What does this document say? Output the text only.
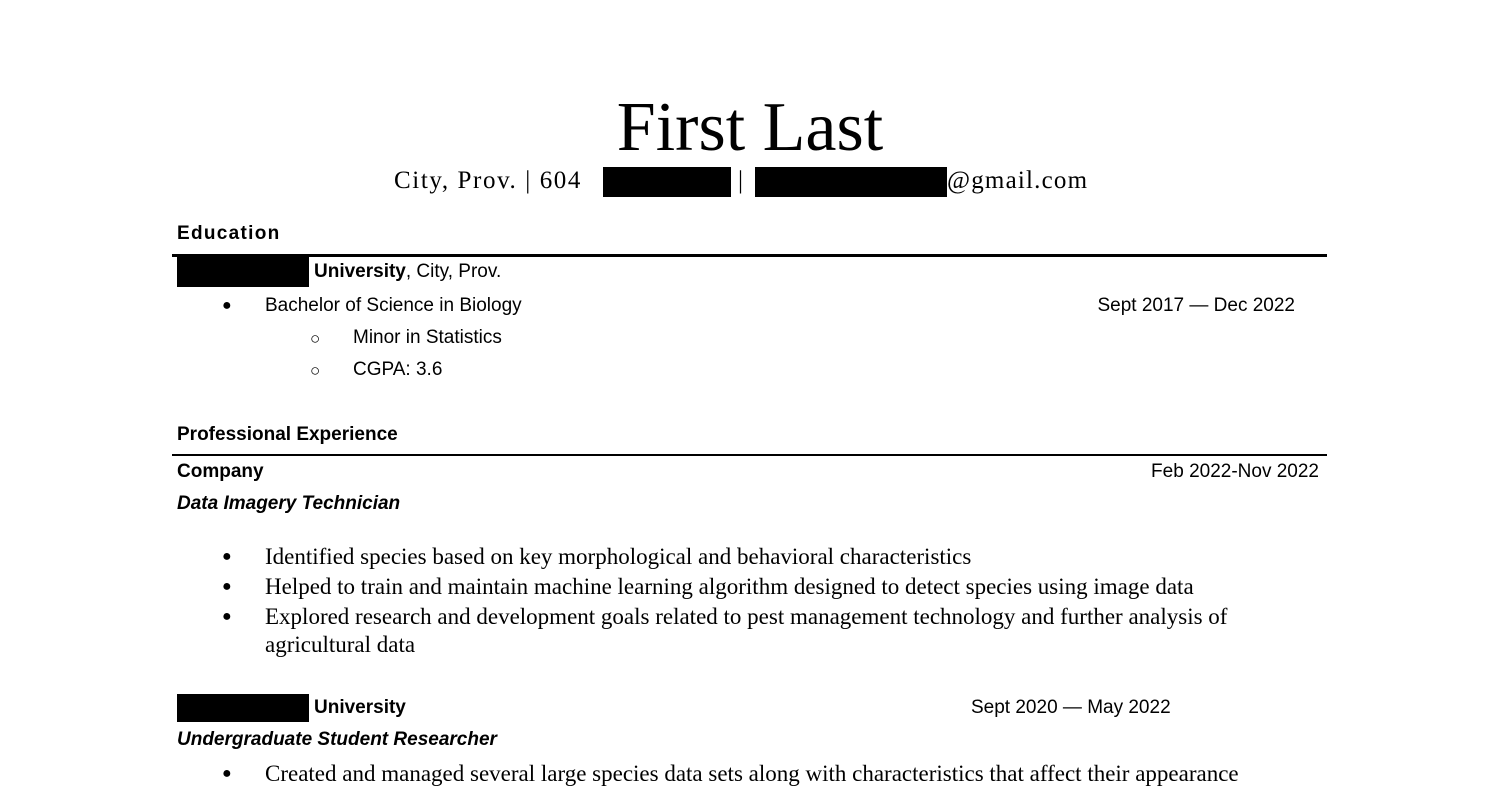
First Last
City, Prov. | 604	|	@gmail.com
Education
University, City, Prov.
● Bachelor of Science in Biology	Sept 2017 — Dec 2022
○ Minor in Statistics
○ CGPA: 3.6
Professional Experience
Company	Feb 2022-Nov 2022
Data Imagery Technician
● Identified species based on key morphological and behavioral characteristics
● Helped to train and maintain machine learning algorithm designed to detect species using image data
● Explored research and development goals related to pest management technology and further analysis of
agricultural data
University	Sept 2020 — May 2022
Undergraduate Student Researcher
● Created and managed several large species data sets along with characteristics that affect their appearance
